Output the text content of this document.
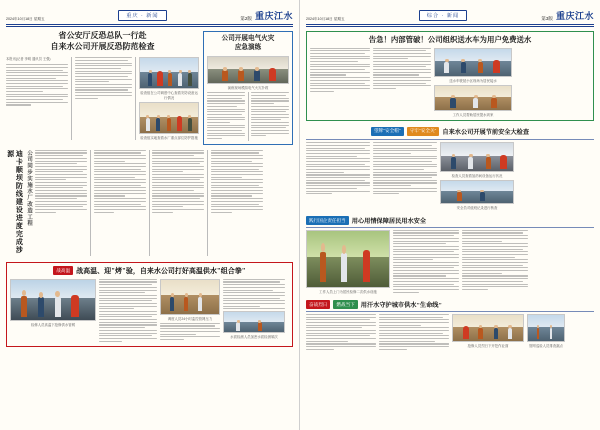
2024年10月18日 星期五	重庆 · 新闻	第2版 重庆江水
省公安厅反恐总队一行赴
自来水公司开展反恐防范检查
本报讯(记者 李明 通讯员 王强)
检查组在公司调度中心查看安防设备运行情况
检查组实地查看水厂重点部位防护措施
公司开展电气火灾
应急演练
演练现场模拟电气火灾扑救
迪卡顺坝防线建设进度完成涉源	公司同步实施水厂改造工程
战高温 战高温、迎"烤"验，自来水公司打好高温供水"组合拳"
检修人员高温下抢修供水管网
调度人员24小时监控管网压力
水质检测人员加密水质检测频次
2024年10月18日 星期五	综合 · 新闻	第3版 重庆江水
告急！内部管破！公司组织送水车为用户免费送水
送水车驶抵小区现场为居民接水
工作人员帮助居民提水到家
望牌"安全帽"	守牢"安全关" 自来水公司开展节前安全大检查
检查人员查看加药间设备运行状况
安全员对值班记录进行核查
践行国企责任担当 用心用情保障居民用水安全
工作人员上门为居民检修二次供水设施
奋战烈日	燃战当下 用汗水守护城市供水"生命线"
抢修人员烈日下开挖作业面	管网巡检人员排查漏点
